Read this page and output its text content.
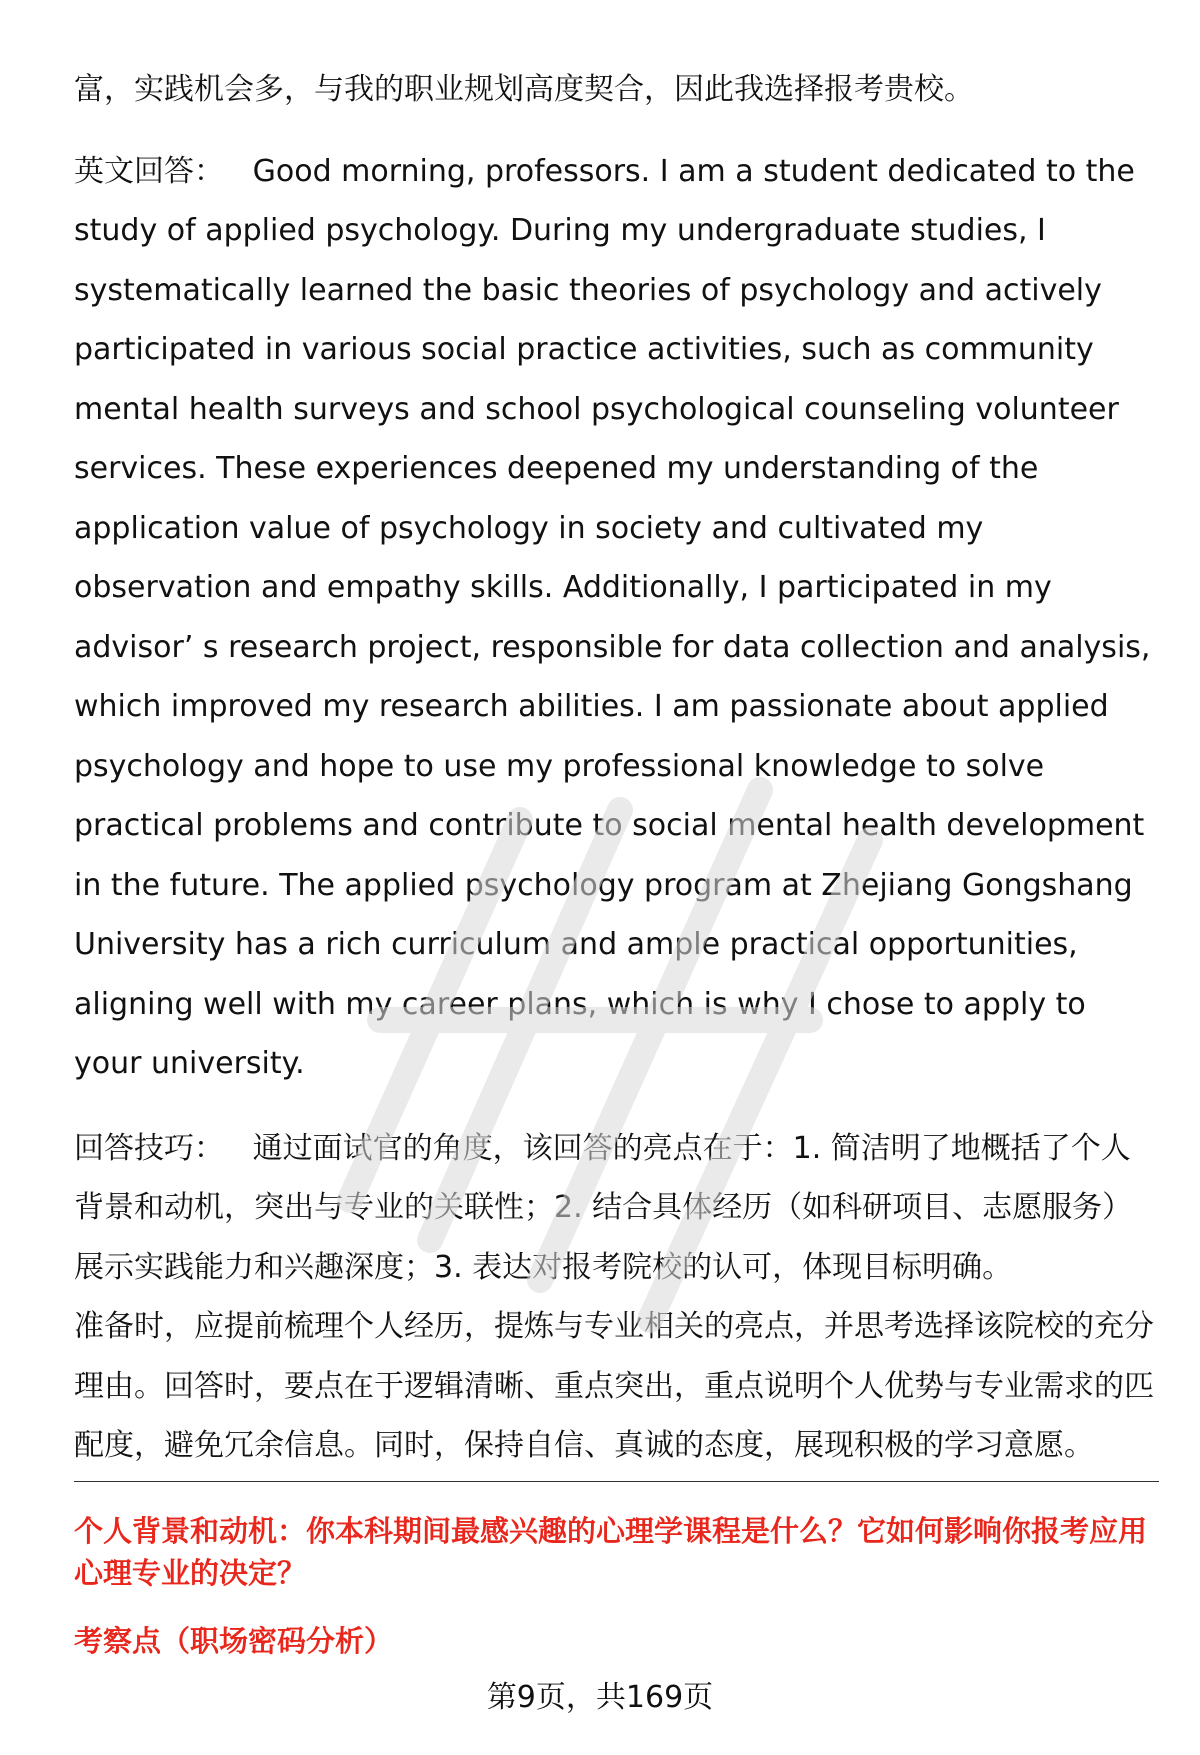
富，实践机会多，与我的职业规划高度契合，因此我选择报考贵校。

英文回答： Good morning, professors. I am a student dedicated to the study of applied psychology. During my undergraduate studies, I systematically learned the basic theories of psychology and actively participated in various social practice activities, such as community mental health surveys and school psychological counseling volunteer services. These experiences deepened my understanding of the application value of psychology in society and cultivated my observation and empathy skills. Additionally, I participated in my advisor’ s research project, responsible for data collection and analysis, which improved my research abilities. I am passionate about applied psychology and hope to use my professional knowledge to solve practical problems and contribute to social mental health development in the future. The applied psychology program at Zhejiang Gongshang University has a rich curriculum and ample practical opportunities, aligning well with my career plans, which is why I chose to apply to your university.

回答技巧： 通过面试官的角度，该回答的亮点在于：1. 简洁明了地概括了个人背景和动机，突出与专业的关联性；2. 结合具体经历（如科研项目、志愿服务）展示实践能力和兴趣深度；3. 表达对报考院校的认可，体现目标明确。

准备时，应提前梳理个人经历，提炼与专业相关的亮点，并思考选择该院校的充分理由。回答时，要点在于逻辑清晰、重点突出，重点说明个人优势与专业需求的匹配度，避免冗余信息。同时，保持自信、真诚的态度，展现积极的学习意愿。

个人背景和动机：你本科期间最感兴趣的心理学课程是什么？它如何影响你报考应用心理专业的决定？
考察点（职场密码分析）
第9页，共169页
